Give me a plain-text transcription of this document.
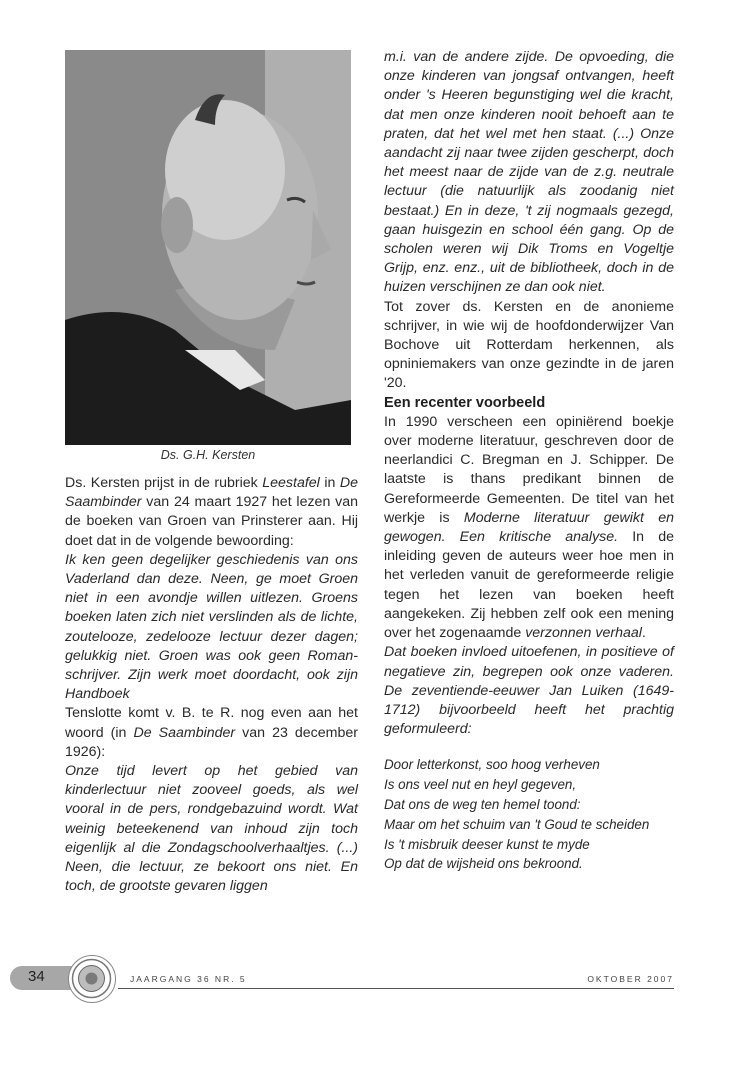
Ds. G.H. Kersten

Ds. Kersten prijst in de rubriek Leestafel in De Saambinder van 24 maart 1927 het lezen van de boeken van Groen van Prinsterer aan. Hij doet dat in de volgende bewoording:

Ik ken geen degelijker geschiedenis van ons Vaderland dan deze. Neen, ge moet Groen niet in een avondje willen uitlezen. Groens boeken laten zich niet verslinden als de lichte, zoutelooze, zedelooze lectuur dezer dagen; gelukkig niet. Groen was ook geen Roman-schrijver. Zijn werk moet doordacht, ook zijn Handboek

Tenslotte komt v. B. te R. nog even aan het woord (in De Saambinder van 23 december 1926):

Onze tijd levert op het gebied van kinderlectuur niet zooveel goeds, als wel vooral in de pers, rondgebazuind wordt. Wat weinig beteekenend van inhoud zijn toch eigenlijk al die Zondagschoolverhaaltjes. (...) Neen, die lectuur, ze bekoort ons niet. En toch, de grootste gevaren liggen

m.i. van de andere zijde. De opvoeding, die onze kinderen van jongsaf ontvangen, heeft onder 's Heeren begunstiging wel die kracht, dat men onze kinderen nooit behoeft aan te praten, dat het wel met hen staat. (...) Onze aandacht zij naar twee zijden gescherpt, doch het meest naar de zijde van de z.g. neutrale lectuur (die natuurlijk als zoodanig niet bestaat.) En in deze, 't zij nogmaals gezegd, gaan huisgezin en school één gang. Op de scholen weren wij Dik Troms en Vogeltje Grijp, enz. enz., uit de bibliotheek, doch in de huizen verschijnen ze dan ook niet.

Tot zover ds. Kersten en de anonieme schrijver, in wie wij de hoofdonderwijzer Van Bochove uit Rotterdam herkennen, als opniniemakers van onze gezindte in de jaren '20.

Een recenter voorbeeld

In 1990 verscheen een opiniërend boekje over moderne literatuur, geschreven door de neerlandici C. Bregman en J. Schipper. De laatste is thans predikant binnen de Gereformeerde Gemeenten. De titel van het werkje is Moderne literatuur gewikt en gewogen. Een kritische analyse. In de inleiding geven de auteurs weer hoe men in het verleden vanuit de gereformeerde religie tegen het lezen van boeken heeft aangekeken. Zij hebben zelf ook een mening over het zogenaamde verzonnen verhaal.

Dat boeken invloed uitoefenen, in positieve of negatieve zin, begrepen ook onze vaderen. De zeventiende-eeuwer Jan Luiken (1649-1712) bijvoorbeeld heeft het prachtig geformuleerd:

Door letterkonst, soo hoog verheven
Is ons veel nut en heyl gegeven,
Dat ons de weg ten hemel toond:
Maar om het schuim van 't Goud te scheiden
Is 't misbruik deeser kunst te myde
Op dat de wijsheid ons bekroond.
34	JAARGANG 36 NR. 5	OKTOBER 2007
